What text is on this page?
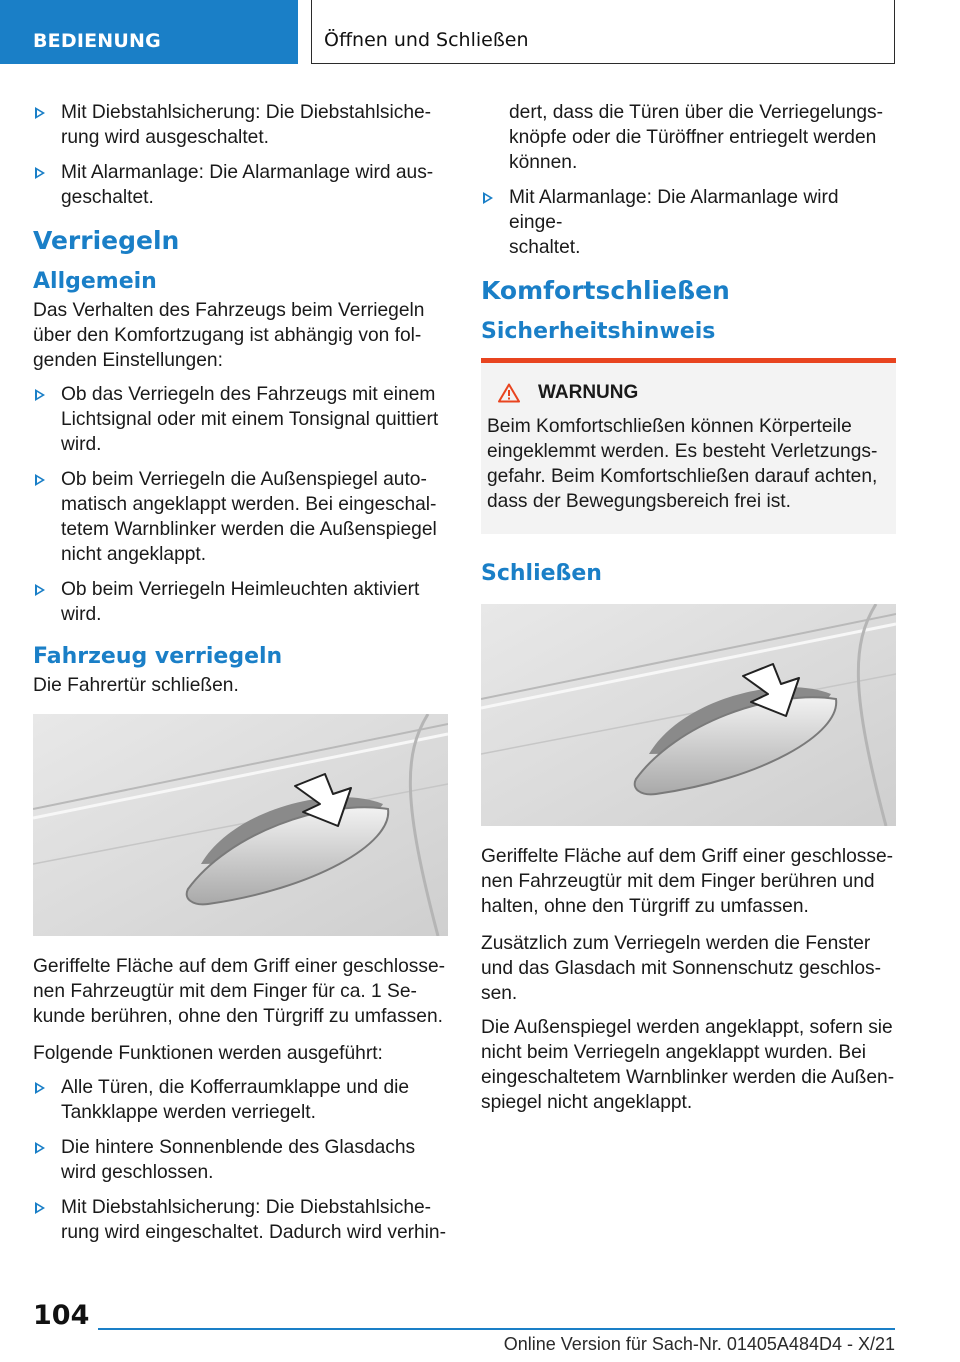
BEDIENUNG	Öffnen und Schließen
Mit Diebstahlsicherung: Die Diebstahlsiche-
rung wird ausgeschaltet.
Mit Alarmanlage: Die Alarmanlage wird aus-
geschaltet.
Verriegeln
Allgemein
Das Verhalten des Fahrzeugs beim Verriegeln
über den Komfortzugang ist abhängig von fol-
genden Einstellungen:
Ob das Verriegeln des Fahrzeugs mit einem
Lichtsignal oder mit einem Tonsignal quittiert
wird.
Ob beim Verriegeln die Außenspiegel auto-
matisch angeklappt werden. Bei eingeschal-
tetem Warnblinker werden die Außenspiegel
nicht angeklappt.
Ob beim Verriegeln Heimleuchten aktiviert
wird.
Fahrzeug verriegeln
Die Fahrertür schließen.
Geriffelte Fläche auf dem Griff einer geschlosse-
nen Fahrzeugtür mit dem Finger für ca. 1 Se-
kunde berühren, ohne den Türgriff zu umfassen.
Folgende Funktionen werden ausgeführt:
Alle Türen, die Kofferraumklappe und die
Tankklappe werden verriegelt.
Die hintere Sonnenblende des Glasdachs
wird geschlossen.
Mit Diebstahlsicherung: Die Diebstahlsiche-
rung wird eingeschaltet. Dadurch wird verhin-
dert, dass die Türen über die Verriegelungs-
knöpfe oder die Türöffner entriegelt werden
können.
Mit Alarmanlage: Die Alarmanlage wird einge-
schaltet.
Komfortschließen
Sicherheitshinweis
WARNUNG
Beim Komfortschließen können Körperteile
eingeklemmt werden. Es besteht Verletzungs-
gefahr. Beim Komfortschließen darauf achten,
dass der Bewegungsbereich frei ist.
Schließen
Geriffelte Fläche auf dem Griff einer geschlosse-
nen Fahrzeugtür mit dem Finger berühren und
halten, ohne den Türgriff zu umfassen.
Zusätzlich zum Verriegeln werden die Fenster
und das Glasdach mit Sonnenschutz geschlos-
sen.
Die Außenspiegel werden angeklappt, sofern sie
nicht beim Verriegeln angeklappt wurden. Bei
eingeschaltetem Warnblinker werden die Außen-
spiegel nicht angeklappt.
104
Online Version für Sach-Nr. 01405A484D4 - X/21
